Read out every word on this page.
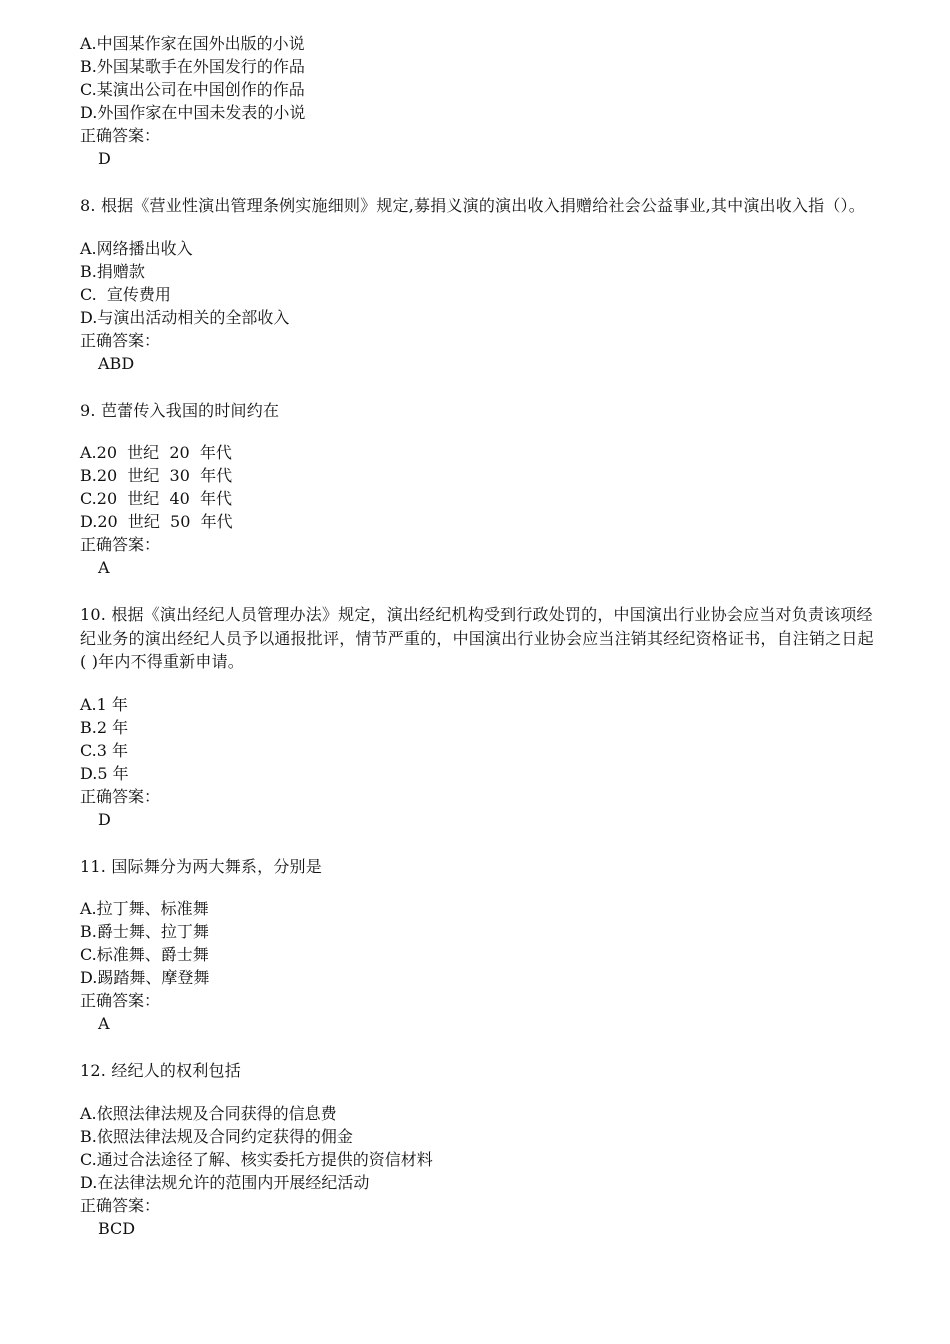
A.中国某作家在国外出版的小说
B.外国某歌手在外国发行的作品
C.某演出公司在中国创作的作品
D.外国作家在中国未发表的小说
正确答案：
D
8. 根据《营业性演出管理条例实施细则》规定,募捐义演的演出收入捐赠给社会公益事业,其中演出收入指（）。
A.网络播出收入
B.捐赠款
C.  宣传费用
D.与演出活动相关的全部收入
正确答案：
ABD
9. 芭蕾传入我国的时间约在
A.20  世纪  20  年代
B.20  世纪  30  年代
C.20  世纪  40  年代
D.20  世纪  50  年代
正确答案：
A
10. 根据《演出经纪人员管理办法》规定，演出经纪机构受到行政处罚的，中国演出行业协会应当对负责该项经纪业务的演出经纪人员予以通报批评，情节严重的，中国演出行业协会应当注销其经纪资格证书，自注销之日起( )年内不得重新申请。
A.1 年
B.2 年
C.3 年
D.5 年
正确答案：
D
11. 国际舞分为两大舞系，分别是
A.拉丁舞、标准舞
B.爵士舞、拉丁舞
C.标准舞、爵士舞
D.踢踏舞、摩登舞
正确答案：
A
12. 经纪人的权利包括
A.依照法律法规及合同获得的信息费
B.依照法律法规及合同约定获得的佣金
C.通过合法途径了解、核实委托方提供的资信材料
D.在法律法规允许的范围内开展经纪活动
正确答案：
BCD
